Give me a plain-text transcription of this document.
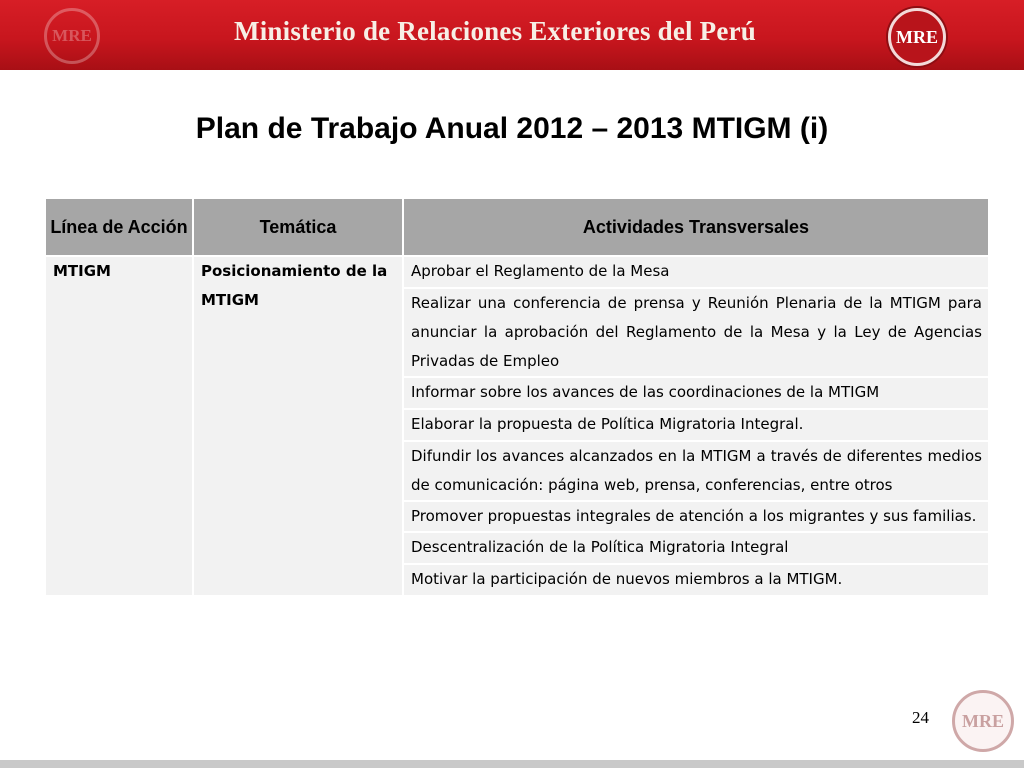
MRE	Ministerio de Relaciones Exteriores del Perú	MRE
Plan de Trabajo Anual 2012 – 2013 MTIGM (i)
Línea de Acción	Temática	Actividades Transversales
MTIGM	Posicionamiento de la MTIGM	Aprobar el Reglamento de la Mesa
		Realizar una conferencia de prensa y Reunión Plenaria de la MTIGM para anunciar la aprobación del Reglamento de la Mesa y la Ley de Agencias Privadas de Empleo
		Informar sobre los avances de las coordinaciones de la MTIGM
		Elaborar la propuesta de Política Migratoria Integral.
		Difundir los avances alcanzados en la MTIGM a través de diferentes medios de comunicación: página web, prensa, conferencias, entre otros
		Promover propuestas integrales de atención a los migrantes y sus familias.
		Descentralización de la Política Migratoria Integral
		Motivar la participación de nuevos miembros a la MTIGM.
24	MRE
